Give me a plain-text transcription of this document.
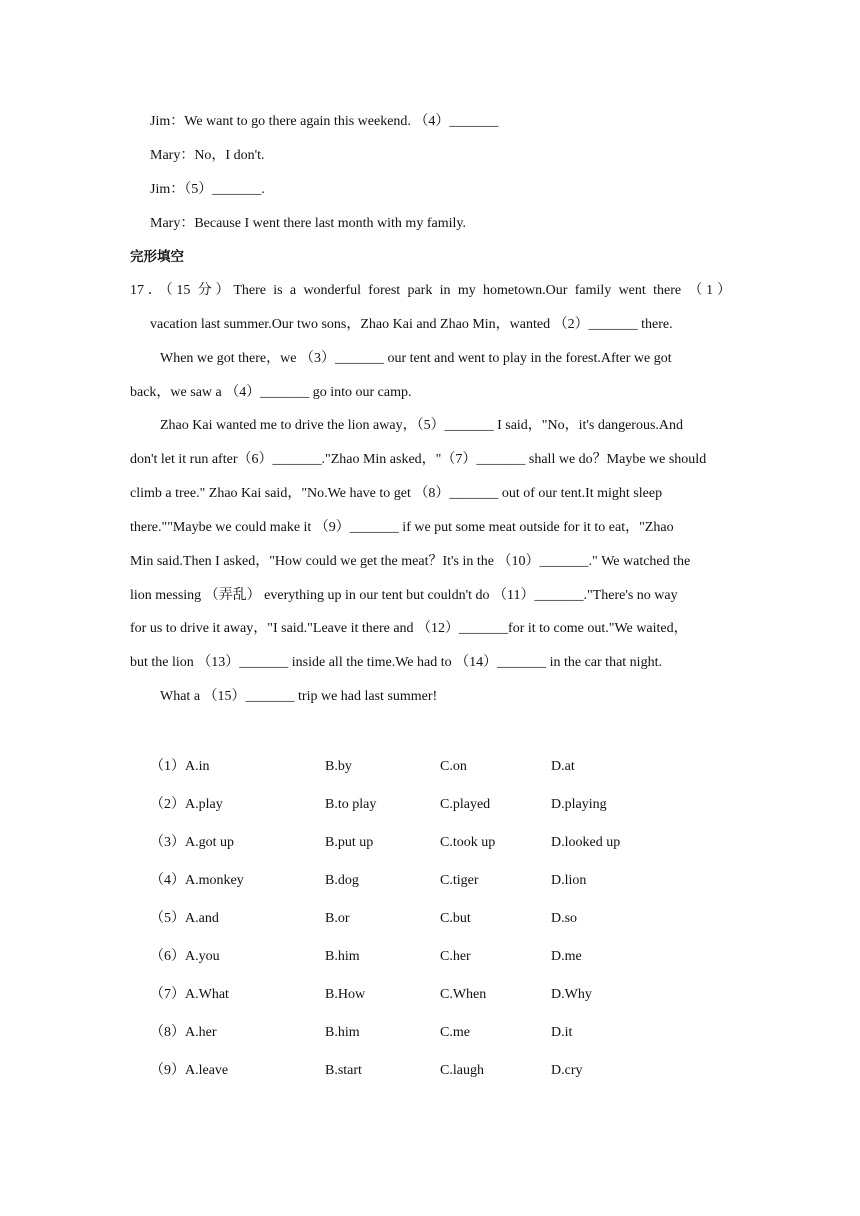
Jim：We want to go there again this weekend. （4）_______
Mary：No，I don't.
Jim：（5）_______.
Mary：Because I went there last month with my family.
完形填空
17．（15 分）There is a wonderful forest park in my hometown.Our family went there （1）
vacation last summer.Our two sons，Zhao Kai and Zhao Min，wanted （2）_______ there.
When we got there，we （3）_______ our tent and went to play in the forest.After we got
back，we saw a （4）_______ go into our camp.
Zhao Kai wanted me to drive the lion away，（5）_______ I said，"No，it's dangerous.And
don't let it run after（6）_______."Zhao Min asked，"（7）_______ shall we do？Maybe we should
climb a tree." Zhao Kai said，"No.We have to get （8）_______ out of our tent.It might sleep
there.""Maybe we could make it （9）_______ if we put some meat outside for it to eat，"Zhao
Min said.Then I asked，"How could we get the meat？It's in the （10）_______." We watched the
lion messing （弄乱） everything up in our tent but couldn't do （11）_______."There's no way
for us to drive it away，"I said."Leave it there and （12）_______for it to come out."We waited，
but the lion （13）_______ inside all the time.We had to （14）_______ in the car that night.
What a （15）_______ trip we had last summer!
（1）A.in	B.by	C.on	D.at
（2）A.play	B.to play	C.played	D.playing
（3）A.got up	B.put up	C.took up	D.looked up
（4）A.monkey	B.dog	C.tiger	D.lion
（5）A.and	B.or	C.but	D.so
（6）A.you	B.him	C.her	D.me
（7）A.What	B.How	C.When	D.Why
（8）A.her	B.him	C.me	D.it
（9）A.leave	B.start	C.laugh	D.cry
